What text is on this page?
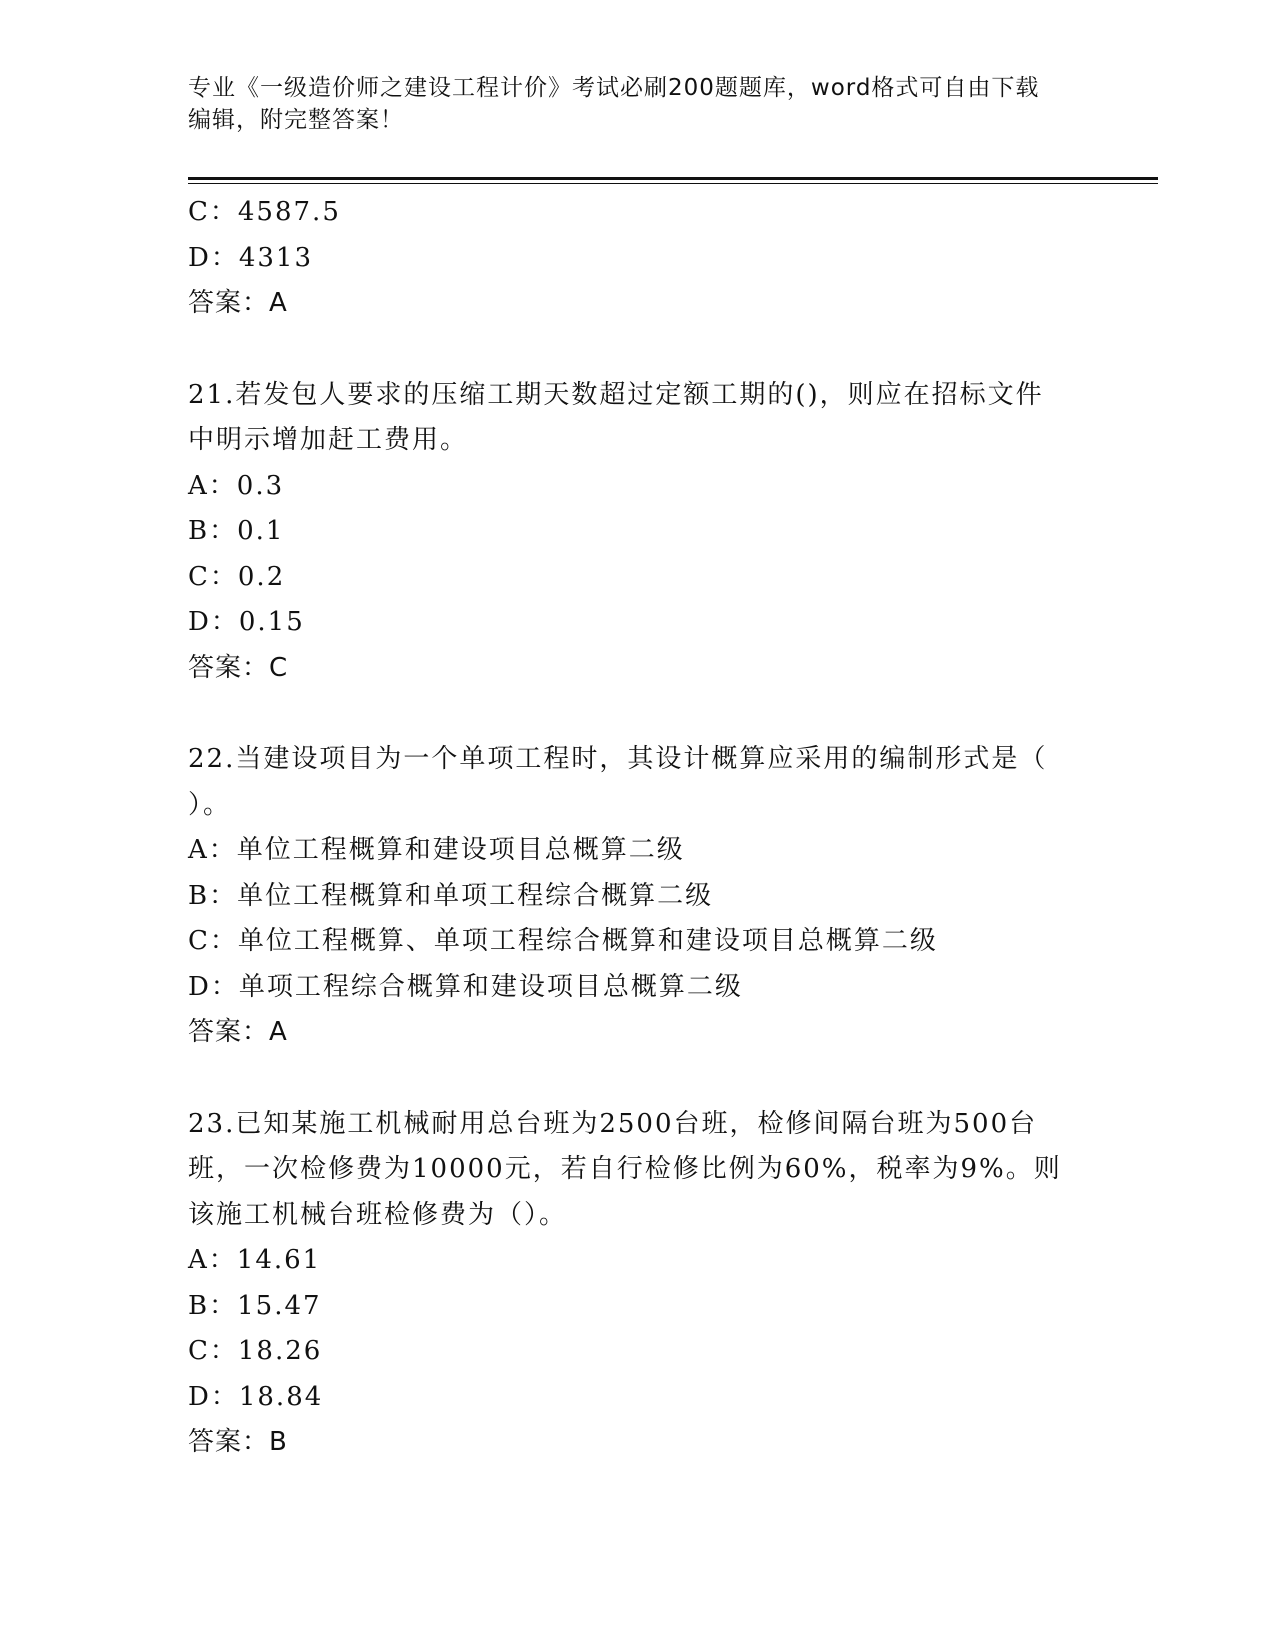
专业《一级造价师之建设工程计价》考试必刷200题题库，word格式可自由下载
编辑，附完整答案！
C：4587.5
D：4313
答案：A
21.若发包人要求的压缩工期天数超过定额工期的()，则应在招标文件
中明示增加赶工费用。
A：0.3
B：0.1
C：0.2
D：0.15
答案：C
22.当建设项目为一个单项工程时，其设计概算应采用的编制形式是（
）。
A：单位工程概算和建设项目总概算二级
B：单位工程概算和单项工程综合概算二级
C：单位工程概算、单项工程综合概算和建设项目总概算二级
D：单项工程综合概算和建设项目总概算二级
答案：A
23.已知某施工机械耐用总台班为2500台班，检修间隔台班为500台
班，一次检修费为10000元，若自行检修比例为60%，税率为9%。则
该施工机械台班检修费为（）。
A：14.61
B：15.47
C：18.26
D：18.84
答案：B
